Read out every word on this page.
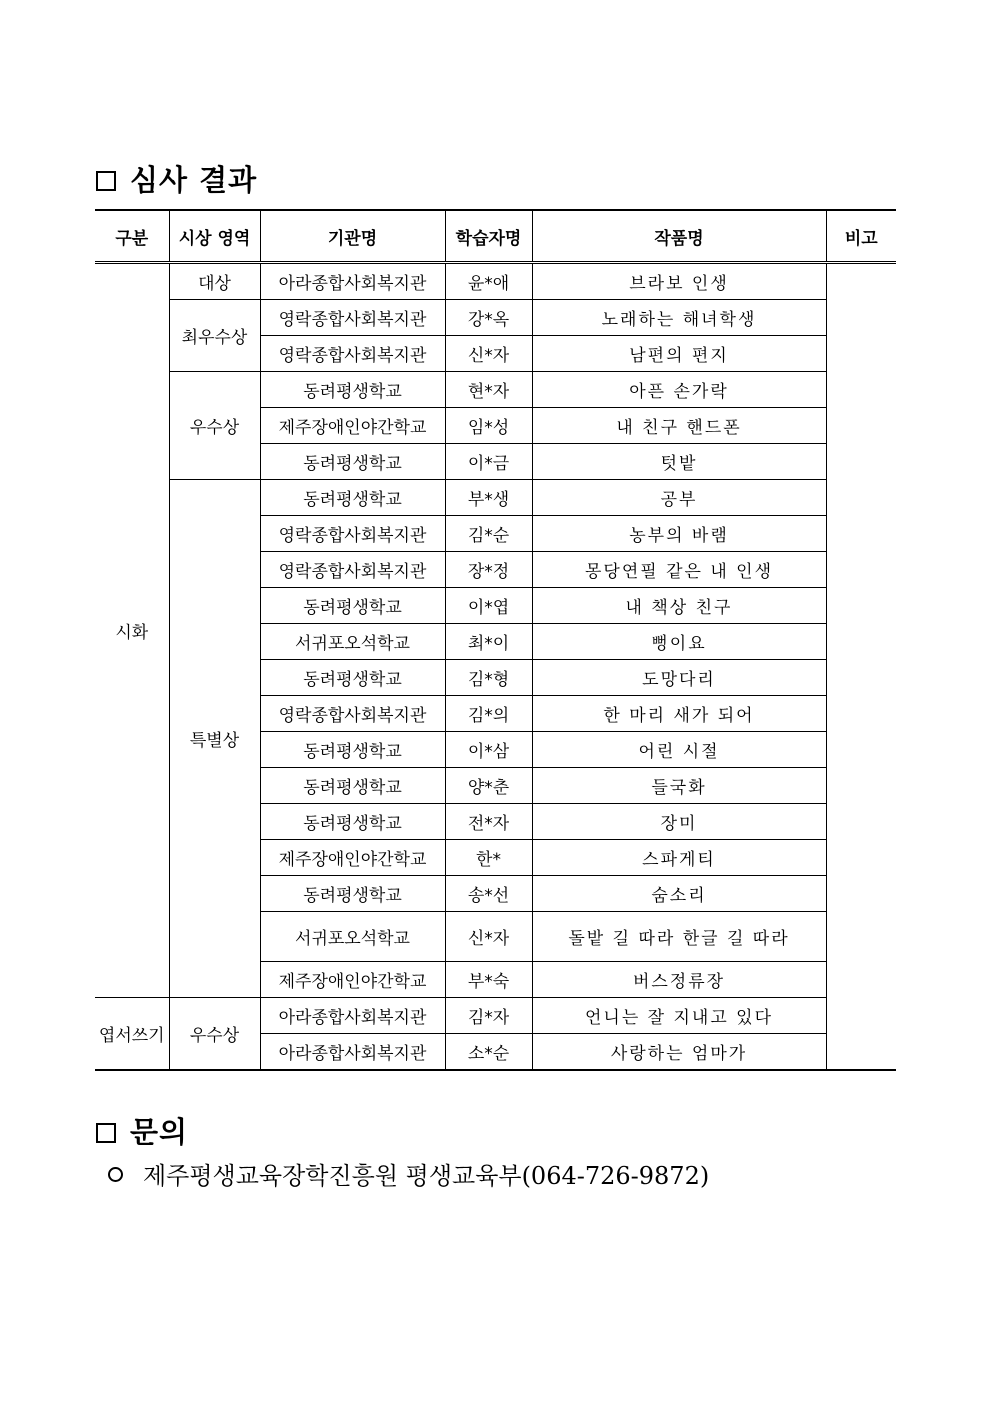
심사 결과
구분	시상 영역	기관명	학습자명	작품명	비고
시화	대상	아라종합사회복지관	윤*애	브라보 인생	
	최우수상	영락종합사회복지관	강*옥	노래하는 해녀학생	
		영락종합사회복지관	신*자	남편의 편지	
	우수상	동려평생학교	현*자	아픈 손가락	
		제주장애인야간학교	임*성	내 친구 핸드폰	
		동려평생학교	이*금	텃밭	
	특별상	동려평생학교	부*생	공부	
		영락종합사회복지관	김*순	농부의 바램	
		영락종합사회복지관	장*정	몽당연필 같은 내 인생	
		동려평생학교	이*엽	내 책상 친구	
		서귀포오석학교	최*이	뻥이요	
		동려평생학교	김*형	도망다리	
		영락종합사회복지관	김*의	한 마리 새가 되어	
		동려평생학교	이*삼	어린 시절	
		동려평생학교	양*춘	들국화	
		동려평생학교	전*자	장미	
		제주장애인야간학교	한*	스파게티	
		동려평생학교	송*선	숨소리	
		서귀포오석학교	신*자	돌밭 길 따라 한글 길 따라	
		제주장애인야간학교	부*숙	버스정류장	
엽서쓰기	우수상	아라종합사회복지관	김*자	언니는 잘 지내고 있다	
		아라종합사회복지관	소*순	사랑하는 엄마가	
문의
제주평생교육장학진흥원 평생교육부(064-726-9872)
